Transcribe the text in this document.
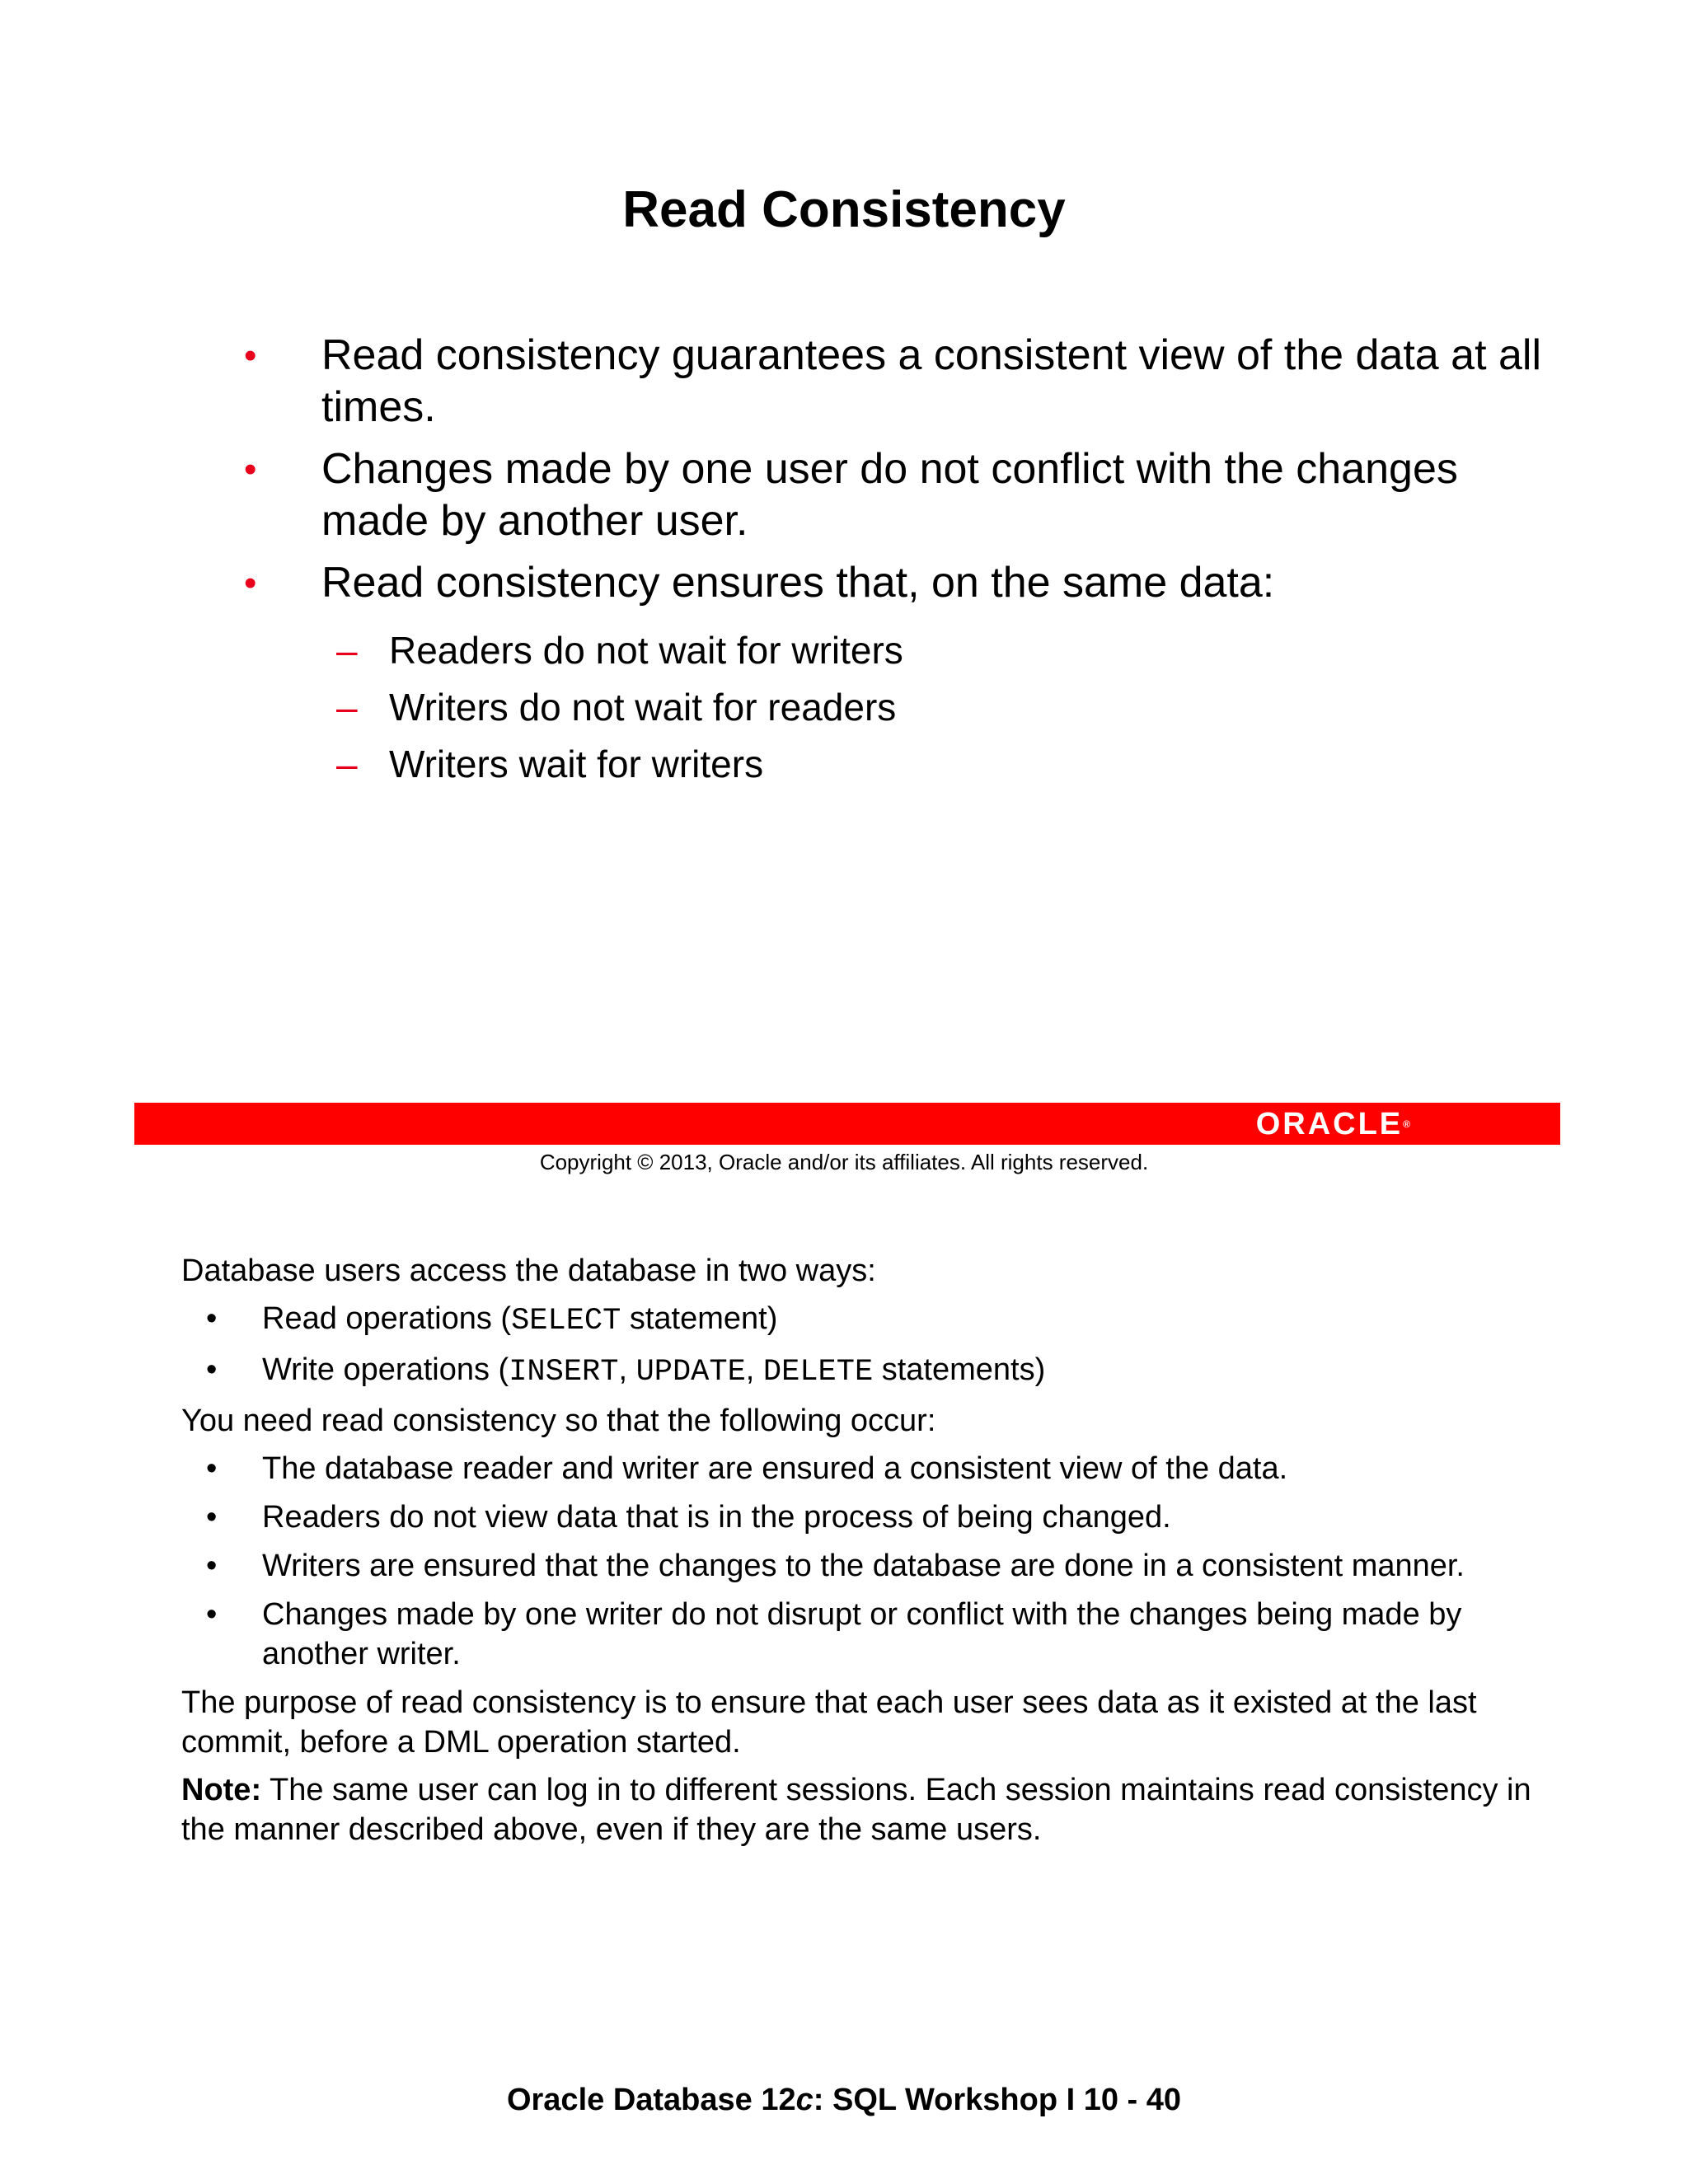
Read Consistency
• Read consistency guarantees a consistent view of the data at all times.
• Changes made by one user do not conflict with the changes made by another user.
• Read consistency ensures that, on the same data:
– Readers do not wait for writers
– Writers do not wait for readers
– Writers wait for writers
ORACLE®
Copyright © 2013, Oracle and/or its affiliates. All rights reserved.

Database users access the database in two ways:

• Read operations (SELECT statement)
• Write operations (INSERT, UPDATE, DELETE statements)

You need read consistency so that the following occur:

• The database reader and writer are ensured a consistent view of the data.
• Readers do not view data that is in the process of being changed.
• Writers are ensured that the changes to the database are done in a consistent manner.
• Changes made by one writer do not disrupt or conflict with the changes being made by another writer.

The purpose of read consistency is to ensure that each user sees data as it existed at the last commit, before a DML operation started.

Note: The same user can log in to different sessions. Each session maintains read consistency in the manner described above, even if they are the same users.

Oracle Database 12c: SQL Workshop I 10 - 40
